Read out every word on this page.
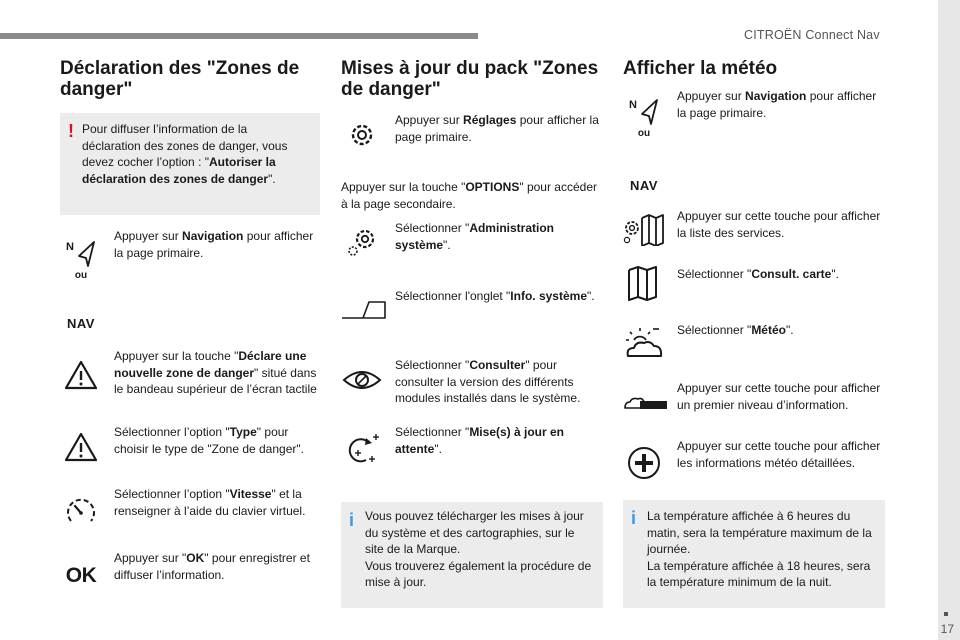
CITROËN Connect Nav
17
Déclaration des "Zones de danger"
! Pour diffuser l’information de la déclaration des zones de danger, vous devez cocher l’option : "Autoriser la déclaration des zones de danger".
N
ou
Appuyer sur Navigation pour afficher la page primaire.
NAV
Appuyer sur la touche "Déclare une nouvelle zone de danger" situé dans le bandeau supérieur de l’écran tactile
Sélectionner l’option "Type" pour choisir le type de "Zone de danger".
Sélectionner l’option "Vitesse" et la renseigner à l’aide du clavier virtuel.
OK
Appuyer sur "OK" pour enregistrer et diffuser l’information.
Mises à jour du pack "Zones de danger"
Appuyer sur Réglages pour afficher la page primaire.
Appuyer sur la touche "OPTIONS" pour accéder à la page secondaire.
Sélectionner "Administration système".
Sélectionner l'onglet "Info. système".
Sélectionner "Consulter" pour consulter la version des différents modules installés dans le système.
Sélectionner "Mise(s) à jour en attente".
i Vous pouvez télécharger les mises à jour du système et des cartographies, sur le site de la Marque.
Vous trouverez également la procédure de mise à jour.
Afficher la météo
N
ou
Appuyer sur Navigation pour afficher la page primaire.
NAV
Appuyer sur cette touche pour afficher la liste des services.
Sélectionner "Consult. carte".
Sélectionner "Météo".
Appuyer sur cette touche pour afficher un premier niveau d’information.
Appuyer sur cette touche pour afficher les informations météo détaillées.
i La température affichée à 6 heures du matin, sera la température maximum de la journée.
La température affichée à 18 heures, sera la température minimum de la nuit.
